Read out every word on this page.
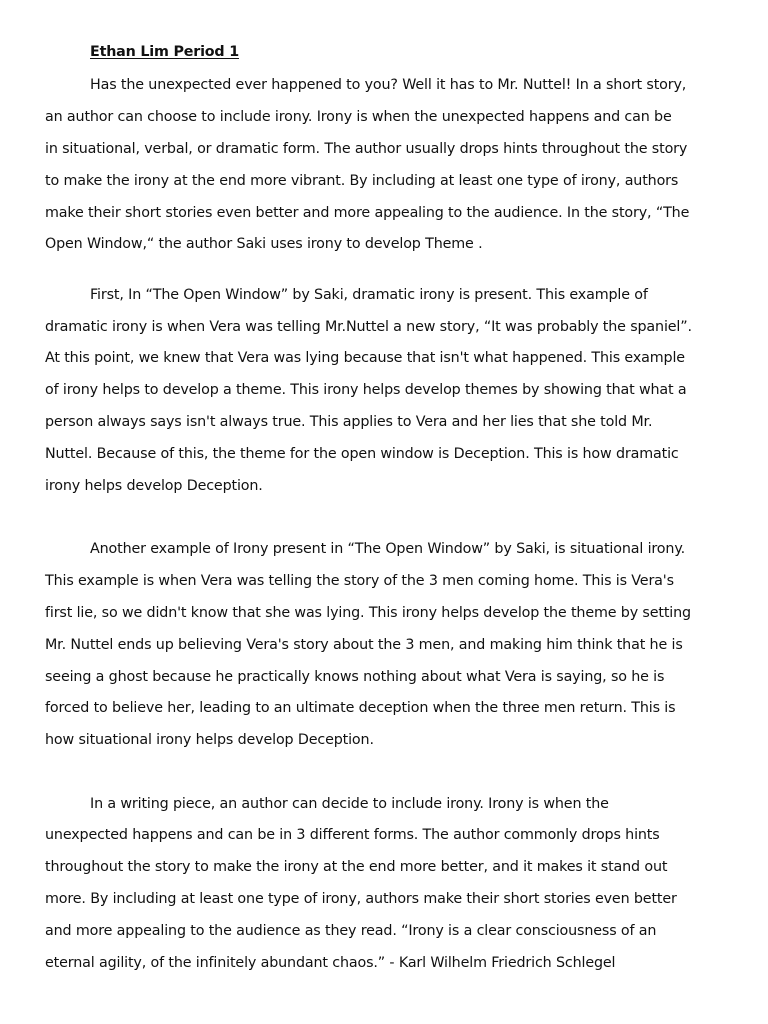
Ethan Lim Period 1
Has the unexpected ever happened to you? Well it has to Mr. Nuttel! In a short story,
an author can choose to include irony. Irony is when the unexpected happens and can be
in situational, verbal, or dramatic form. The author usually drops hints throughout the story
to make the irony at the end more vibrant. By including at least one type of irony, authors
make their short stories even better and more appealing to the audience. In the story, “The
Open Window,“ the author Saki uses irony to develop Theme .
First, In “The Open Window” by Saki, dramatic irony is present. This example of
dramatic irony is when Vera was telling Mr.Nuttel a new story, “It was probably the spaniel”.
At this point, we knew that Vera was lying because that isn't what happened. This example
of irony helps to develop a theme. This irony helps develop themes by showing that what a
person always says isn't always true. This applies to Vera and her lies that she told Mr.
Nuttel. Because of this, the theme for the open window is Deception. This is how dramatic
irony helps develop Deception.
Another example of Irony present in “The Open Window” by Saki, is situational irony.
This example is when Vera was telling the story of the 3 men coming home. This is Vera's
first lie, so we didn't know that she was lying. This irony helps develop the theme by setting
Mr. Nuttel ends up believing Vera's story about the 3 men, and making him think that he is
seeing a ghost because he practically knows nothing about what Vera is saying, so he is
forced to believe her, leading to an ultimate deception when the three men return. This is
how situational irony helps develop Deception.
In a writing piece, an author can decide to include irony. Irony is when the
unexpected happens and can be in 3 different forms. The author commonly drops hints
throughout the story to make the irony at the end more better, and it makes it stand out
more. By including at least one type of irony, authors make their short stories even better
and more appealing to the audience as they read. “Irony is a clear consciousness of an
eternal agility, of the infinitely abundant chaos.” - Karl Wilhelm Friedrich Schlegel
